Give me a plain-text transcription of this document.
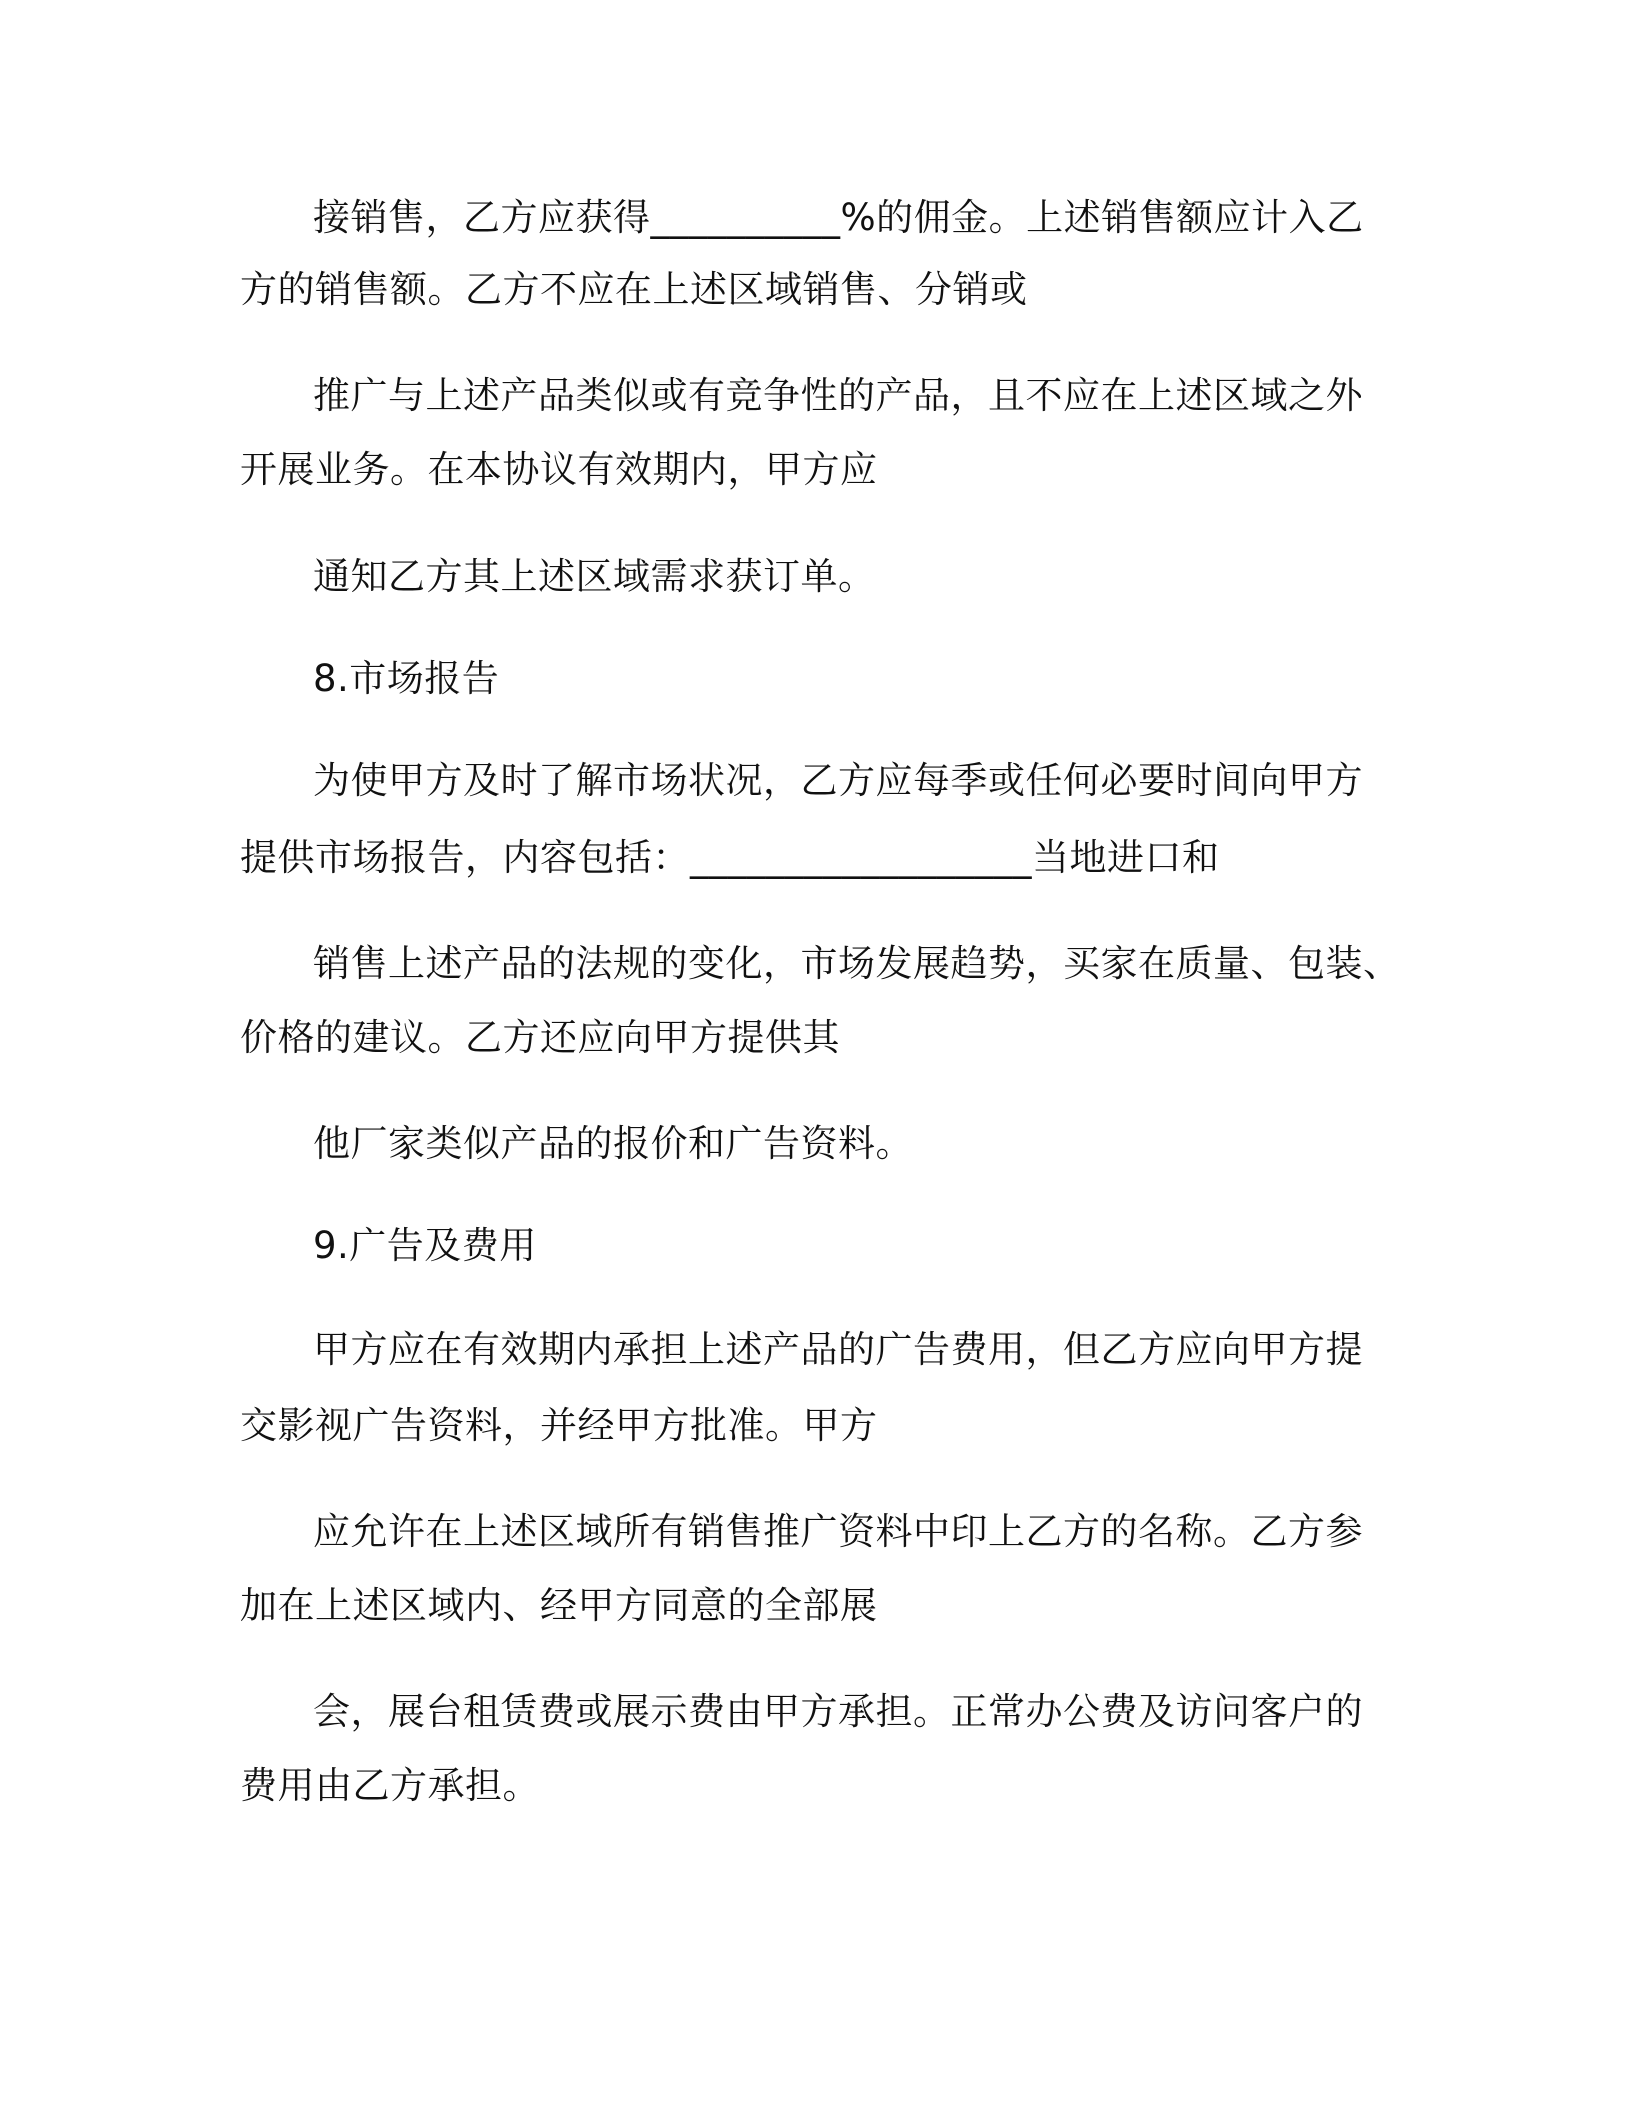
接销售，乙方应获得__________%的佣金。上述销售额应计入乙
方的销售额。乙方不应在上述区域销售、分销或
推广与上述产品类似或有竞争性的产品，且不应在上述区域之外
开展业务。在本协议有效期内，甲方应
通知乙方其上述区域需求获订单。
8.市场报告
为使甲方及时了解市场状况，乙方应每季或任何必要时间向甲方
提供市场报告，内容包括：__________________当地进口和
销售上述产品的法规的变化，市场发展趋势，买家在质量、包装、
价格的建议。乙方还应向甲方提供其
他厂家类似产品的报价和广告资料。
9.广告及费用
甲方应在有效期内承担上述产品的广告费用，但乙方应向甲方提
交影视广告资料，并经甲方批准。甲方
应允许在上述区域所有销售推广资料中印上乙方的名称。乙方参
加在上述区域内、经甲方同意的全部展
会，展台租赁费或展示费由甲方承担。正常办公费及访问客户的
费用由乙方承担。
